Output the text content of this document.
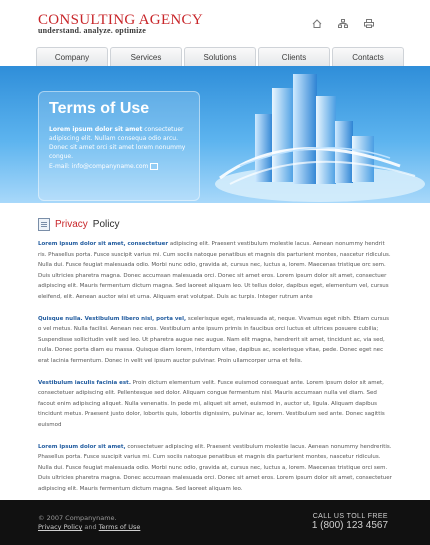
CONSULTING AGENCY
understand. analyze. optimize
Company	Services	Solutions	Clients	Contacts
Terms of Use
Lorem ipsum dolor sit amet consectetuer adipiscing elit. Nullam consequa odio arcu. Donec sit amet orci sit amet lorem nonummy congue.
E-mail: info@companyname.com
Privacy Policy

Lorem ipsum dolor sit amet, consectetuer adipiscing elit. Praesent vestibulum molestie lacus. Aenean nonummy hendrit ris. Phasellus porta. Fusce suscipit varius mi. Cum sociis natoque penatibus et magnis dis parturient montes, nascetur ridiculus. Nulla dui. Fusce feugiat malesuada odio. Morbi nunc odio, gravida at, cursus nec, luctus a, lorem. Maecenas tristique orc sem. Duis ultricies pharetra magna. Donec accumsan malesuada orci. Donec sit amet eros. Lorem ipsum dolor sit amet, consectuer adipiscing elit. Mauris fermentum dictum magna. Sed laoreet aliquam leo. Ut tellus dolor, dapibus eget, elementum vel, cursus eleifend, elit. Aenean auctor wisi et urna. Aliquam erat volutpat. Duis ac turpis. Integer rutrum ante

Quisque nulla. Vestibulum libero nisl, porta vel, scelerisque eget, malesuada at, neque. Vivamus eget nibh. Etiam cursus o vel metus. Nulla facilisi. Aenean nec eros. Vestibulum ante ipsum primis in faucibus orci luctus et ultrices posuere cubilia; Suspendisse sollicitudin velit sed leo. Ut pharetra augue nec augue. Nam elit magna, hendrerit sit amet, tincidunt ac, via sed, nulla. Donec porta diam eu massa. Quisque diam lorem, interdum vitae, dapibus ac, scelerisque vitae, pede. Donec eget nec erat lacinia fermentum. Donec in velit vel ipsum auctor pulvinar. Proin ullamcorper urna et felis.

Vestibulum iaculis facinia est. Proin dictum elementum velit. Fusce euismod consequat ante. Lorem ipsum dolor sit amet, consectetuer adipiscing elit. Pellentesque sed dolor. Aliquam congue fermentum nisl. Mauris accumsan nulla vel diam. Sed facout enim adipiscing aliquet. Nulla venenatis. In pede mi, aliquet sit amet, euismod in, auctor ut, ligula. Aliquam dapibus tincidunt metus. Praesent justo dolor, lobortis quis, lobortis dignissim, pulvinar ac, lorem. Vestibulum sed ante. Donec sagittis euismod

Lorem ipsum dolor sit amet, consectetuer adipiscing elit. Praesent vestibulum molestie lacus. Aenean nonummy hendreritis. Phasellus porta. Fusce suscipit varius mi. Cum sociis natoque penatibus et magnis dis parturient montes, nascetur ridiculus. Nulla dui. Fusce feugiat malesuada odio. Morbi nunc odio, gravida at, cursus nec, luctus a, lorem. Maecenas tristique orci sem. Duis ultricies pharetra magna. Donec accumsan malesuada orci. Donec sit amet eros. Lorem ipsum dolor sit amet, consectetuer adipiscing elit. Mauris fermentum dictum magna. Sed laoreet aliquam leo.

© 2007 Companyname.
Privacy Policy and Terms of Use
CALL US TOLL FREE
1 (800) 123 4567
